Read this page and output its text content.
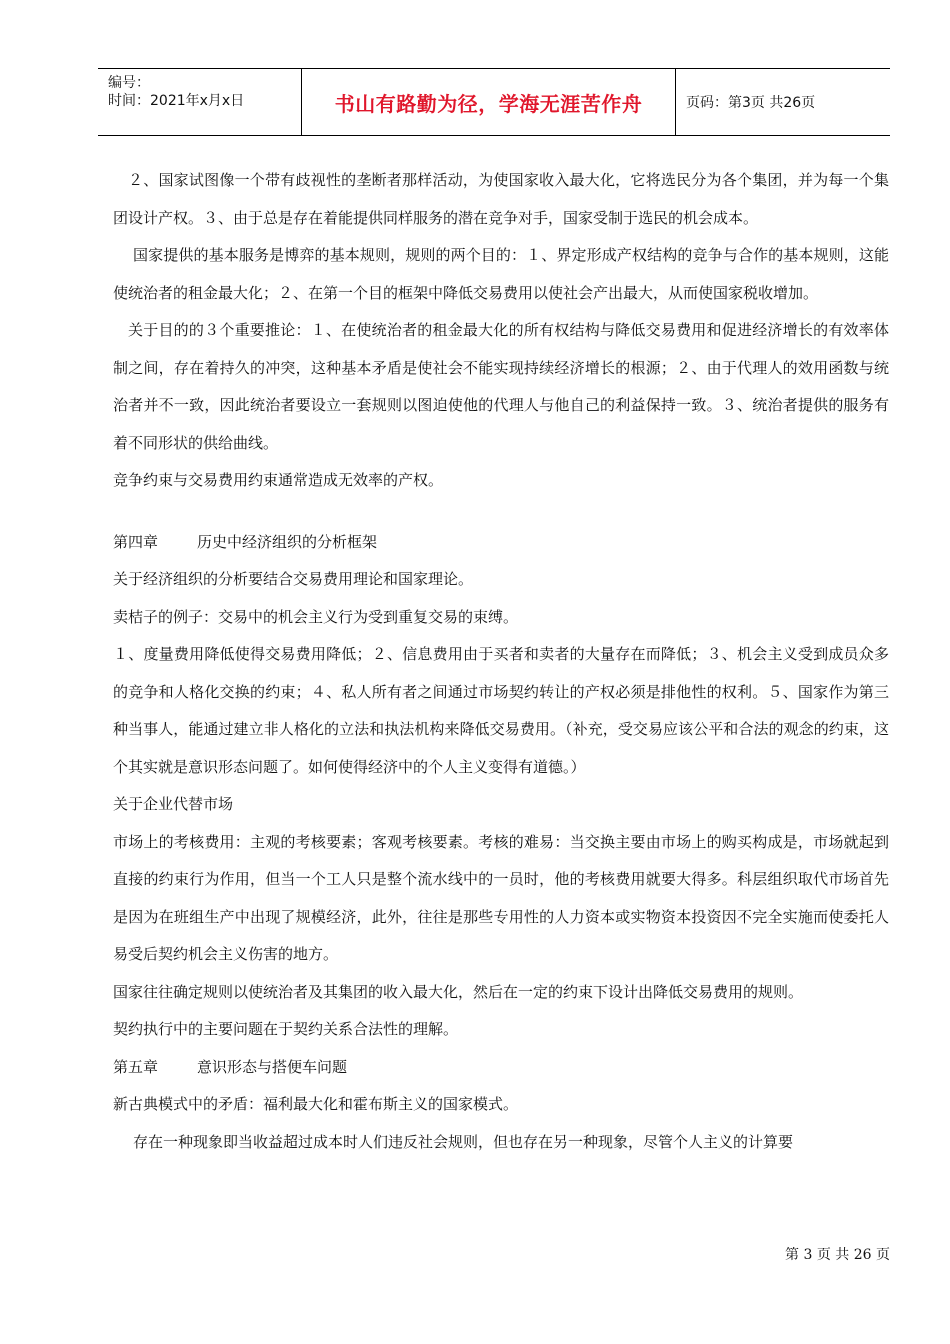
编号：
时间：2021年x月x日	书山有路勤为径，学海无涯苦作舟	页码：第3页 共26页

２、国家试图像一个带有歧视性的垄断者那样活动，为使国家收入最大化，它将选民分为各个集团，并为每一个集团设计产权。３、由于总是存在着能提供同样服务的潜在竞争对手，国家受制于选民的机会成本。

国家提供的基本服务是博弈的基本规则，规则的两个目的：１、界定形成产权结构的竞争与合作的基本规则，这能使统治者的租金最大化；２、在第一个目的框架中降低交易费用以使社会产出最大，从而使国家税收增加。

关于目的的３个重要推论：１、在使统治者的租金最大化的所有权结构与降低交易费用和促进经济增长的有效率体制之间，存在着持久的冲突，这种基本矛盾是使社会不能实现持续经济增长的根源；２、由于代理人的效用函数与统治者并不一致，因此统治者要设立一套规则以图迫使他的代理人与他自己的利益保持一致。３、统治者提供的服务有着不同形状的供给曲线。

竞争约束与交易费用约束通常造成无效率的产权。

第四章	历史中经济组织的分析框架

关于经济组织的分析要结合交易费用理论和国家理论。

卖桔子的例子：交易中的机会主义行为受到重复交易的束缚。

１、度量费用降低使得交易费用降低；２、信息费用由于买者和卖者的大量存在而降低；３、机会主义受到成员众多的竞争和人格化交换的约束；４、私人所有者之间通过市场契约转让的产权必须是排他性的权利。５、国家作为第三种当事人，能通过建立非人格化的立法和执法机构来降低交易费用。（补充，受交易应该公平和合法的观念的约束，这个其实就是意识形态问题了。如何使得经济中的个人主义变得有道德。）

关于企业代替市场

市场上的考核费用：主观的考核要素；客观考核要素。考核的难易：当交换主要由市场上的购买构成是，市场就起到直接的约束行为作用，但当一个工人只是整个流水线中的一员时，他的考核费用就要大得多。科层组织取代市场首先是因为在班组生产中出现了规模经济，此外，往往是那些专用性的人力资本或实物资本投资因不完全实施而使委托人易受后契约机会主义伤害的地方。

国家往往确定规则以使统治者及其集团的收入最大化，然后在一定的约束下设计出降低交易费用的规则。

契约执行中的主要问题在于契约关系合法性的理解。

第五章	意识形态与搭便车问题

新古典模式中的矛盾：福利最大化和霍布斯主义的国家模式。

存在一种现象即当收益超过成本时人们违反社会规则，但也存在另一种现象，尽管个人主义的计算要

第 3 页 共 26 页
